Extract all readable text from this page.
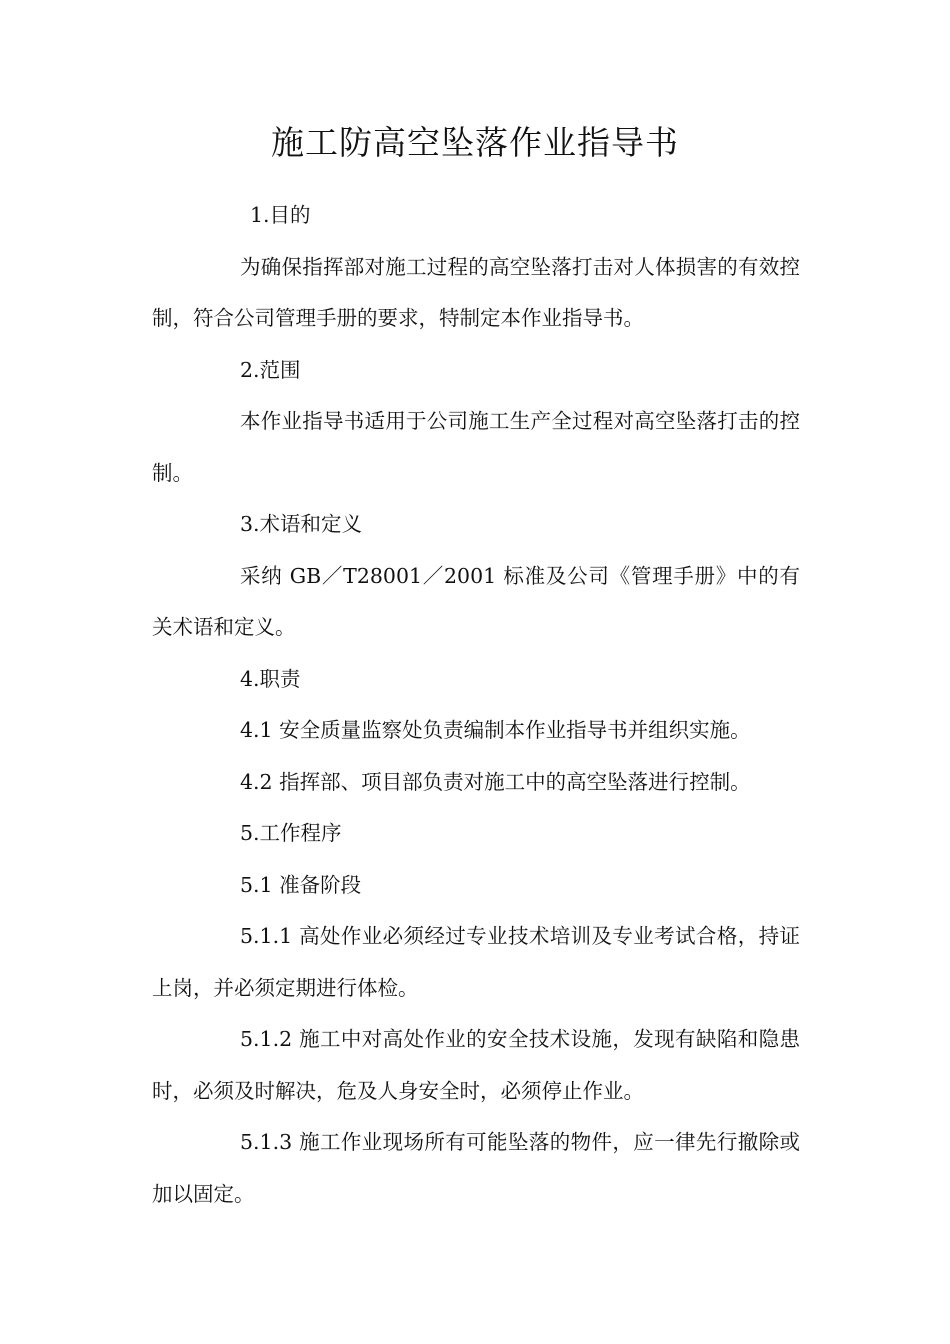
施工防高空坠落作业指导书

1.目的

为确保指挥部对施工过程的高空坠落打击对人体损害的有效控制，符合公司管理手册的要求，特制定本作业指导书。

2.范围

本作业指导书适用于公司施工生产全过程对高空坠落打击的控制。

3.术语和定义

采纳 GB／T28001／2001 标准及公司《管理手册》中的有关术语和定义。

4.职责

4.1 安全质量监察处负责编制本作业指导书并组织实施。

4.2 指挥部、项目部负责对施工中的高空坠落进行控制。

5.工作程序

5.1 准备阶段

5.1.1 高处作业必须经过专业技术培训及专业考试合格，持证上岗，并必须定期进行体检。

5.1.2 施工中对高处作业的安全技术设施，发现有缺陷和隐患时，必须及时解决，危及人身安全时，必须停止作业。

5.1.3 施工作业现场所有可能坠落的物件，应一律先行撤除或加以固定。
